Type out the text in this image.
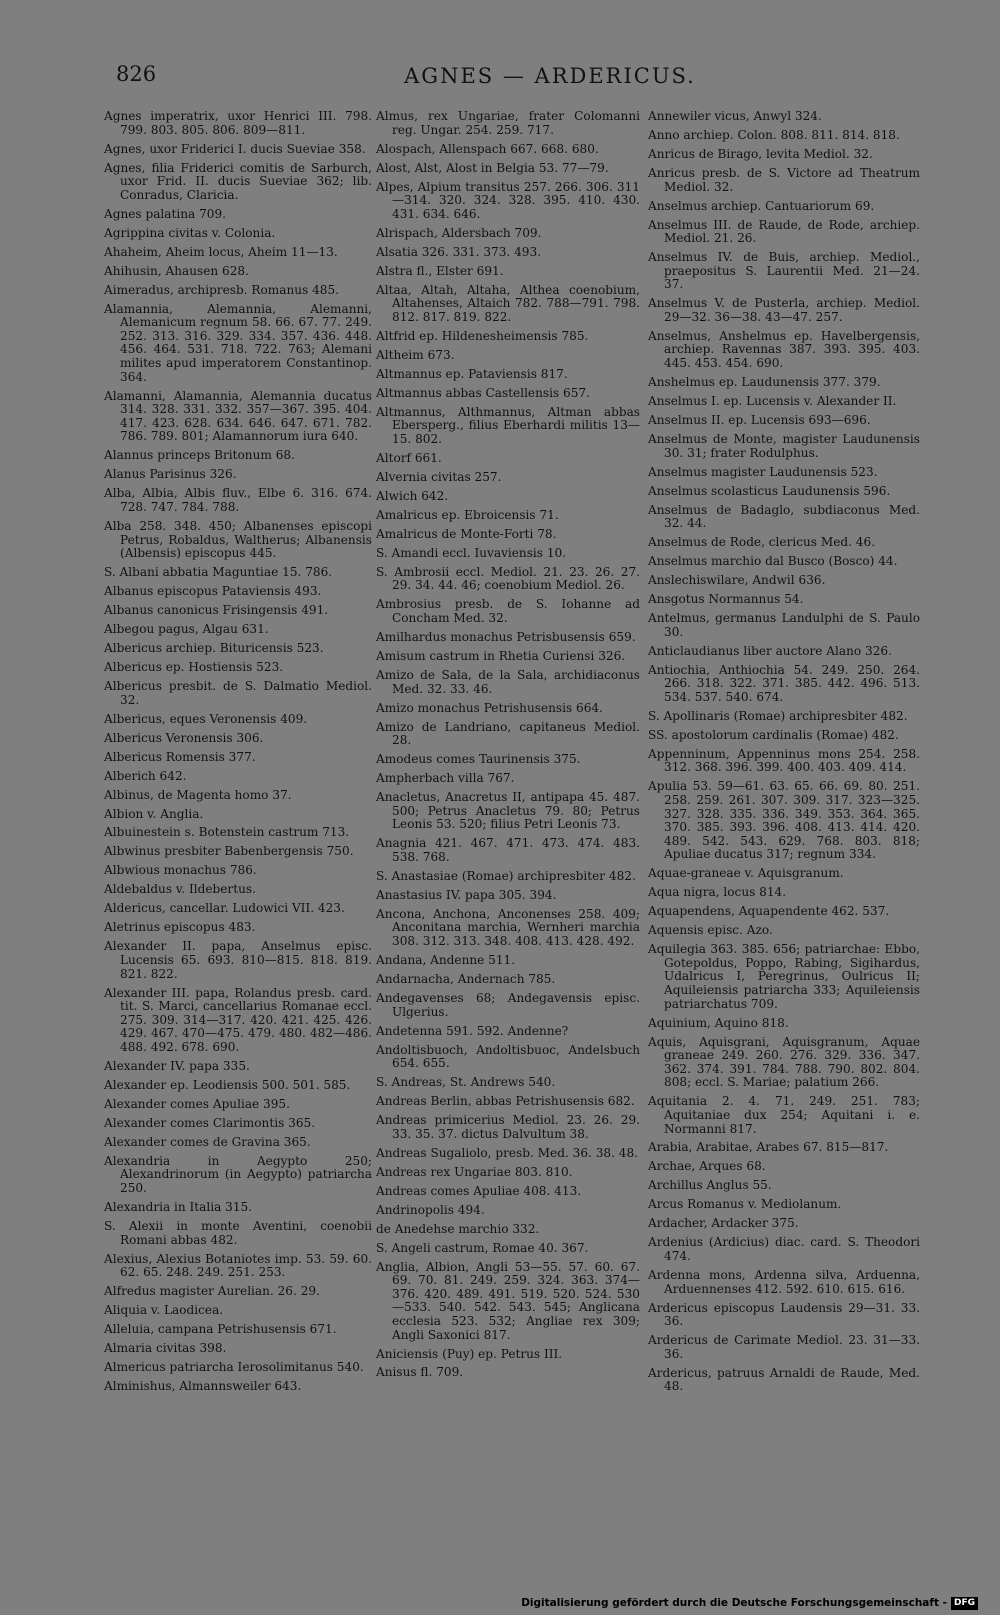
826	AGNES — ARDERICUS.

Agnes imperatrix, uxor Henrici III. 798. 799. 803. 805. 806. 809—811.

Agnes, uxor Friderici I. ducis Sueviae 358.

Agnes, filia Friderici comitis de Sarburch, uxor Frid. II. ducis Sueviae 362; lib. Conradus, Claricia.

Agnes palatina 709.

Agrippina civitas v. Colonia.

Ahaheim, Aheim locus, Aheim 11—13.

Ahihusin, Ahausen 628.

Aimeradus, archipresb. Romanus 485.

Alamannia, Alemannia, Alemanni, Alemanicum regnum 58. 66. 67. 77. 249. 252. 313. 316. 329. 334. 357. 436. 448. 456. 464. 531. 718. 722. 763; Alemani milites apud imperatorem Constantinop. 364.

Alamanni, Alamannia, Alemannia ducatus 314. 328. 331. 332. 357—367. 395. 404. 417. 423. 628. 634. 646. 647. 671. 782. 786. 789. 801; Alamannorum iura 640.

Alannus princeps Britonum 68.

Alanus Parisinus 326.

Alba, Albia, Albis fluv., Elbe 6. 316. 674. 728. 747. 784. 788.

Alba 258. 348. 450; Albanenses episcopi Petrus, Robaldus, Waltherus; Albanensis (Albensis) episcopus 445.

S. Albani abbatia Maguntiae 15. 786.

Albanus episcopus Pataviensis 493.

Albanus canonicus Frisingensis 491.

Albegou pagus, Algau 631.

Albericus archiep. Bituricensis 523.

Albericus ep. Hostiensis 523.

Albericus presbit. de S. Dalmatio Mediol. 32.

Albericus, eques Veronensis 409.

Albericus Veronensis 306.

Albericus Romensis 377.

Alberich 642.

Albinus, de Magenta homo 37.

Albion v. Anglia.

Albuinestein s. Botenstein castrum 713.

Albwinus presbiter Babenbergensis 750.

Albwious monachus 786.

Aldebaldus v. Ildebertus.

Aldericus, cancellar. Ludowici VII. 423.

Aletrinus episcopus 483.

Alexander II. papa, Anselmus episc. Lucensis 65. 693. 810—815. 818. 819. 821. 822.

Alexander III. papa, Rolandus presb. card. tit. S. Marci, cancellarius Romanae eccl. 275. 309. 314—317. 420. 421. 425. 426. 429. 467. 470—475. 479. 480. 482—486. 488. 492. 678. 690.

Alexander IV. papa 335.

Alexander ep. Leodiensis 500. 501. 585.

Alexander comes Apuliae 395.

Alexander comes Clarimontis 365.

Alexander comes de Gravina 365.

Alexandria in Aegypto 250; Alexandrinorum (in Aegypto) patriarcha 250.

Alexandria in Italia 315.

S. Alexii in monte Aventini, coenobii Romani abbas 482.

Alexius, Alexius Botaniotes imp. 53. 59. 60. 62. 65. 248. 249. 251. 253.

Alfredus magister Aurelian. 26. 29.

Aliquia v. Laodicea.

Alleluia, campana Petrishusensis 671.

Almaria civitas 398.

Almericus patriarcha Ierosolimitanus 540.

Alminishus, Almannsweiler 643.

Almus, rex Ungariae, frater Colomanni reg. Ungar. 254. 259. 717.

Alospach, Allenspach 667. 668. 680.

Alost, Alst, Alost in Belgia 53. 77—79.

Alpes, Alpium transitus 257. 266. 306. 311—314. 320. 324. 328. 395. 410. 430. 431. 634. 646.

Alrispach, Aldersbach 709.

Alsatia 326. 331. 373. 493.

Alstra fl., Elster 691.

Altaa, Altah, Altaha, Althea coenobium, Altahenses, Altaich 782. 788—791. 798. 812. 817. 819. 822.

Altfrid ep. Hildenesheimensis 785.

Altheim 673.

Altmannus ep. Pataviensis 817.

Altmannus abbas Castellensis 657.

Altmannus, Althmannus, Altman abbas Ebersperg., filius Eberhardi militis 13—15. 802.

Altorf 661.

Alvernia civitas 257.

Alwich 642.

Amalricus ep. Ebroicensis 71.

Amalricus de Monte-Forti 78.

S. Amandi eccl. Iuvaviensis 10.

S. Ambrosii eccl. Mediol. 21. 23. 26. 27. 29. 34. 44. 46; coenobium Mediol. 26.

Ambrosius presb. de S. Iohanne ad Concham Med. 32.

Amilhardus monachus Petrisbusensis 659.

Amisum castrum in Rhetia Curiensi 326.

Amizo de Sala, de la Sala, archidiaconus Med. 32. 33. 46.

Amizo monachus Petrishusensis 664.

Amizo de Landriano, capitaneus Mediol. 28.

Amodeus comes Taurinensis 375.

Ampherbach villa 767.

Anacletus, Anacretus II, antipapa 45. 487. 500; Petrus Anacletus 79. 80; Petrus Leonis 53. 520; filius Petri Leonis 73.

Anagnia 421. 467. 471. 473. 474. 483. 538. 768.

S. Anastasiae (Romae) archipresbiter 482.

Anastasius IV. papa 305. 394.

Ancona, Anchona, Anconenses 258. 409; Anconitana marchia, Wernheri marchia 308. 312. 313. 348. 408. 413. 428. 492.

Andana, Andenne 511.

Andarnacha, Andernach 785.

Andegavenses 68; Andegavensis episc. Ulgerius.

Andetenna 591. 592. Andenne?

Andoltisbuoch, Andoltisbuoc, Andelsbuch 654. 655.

S. Andreas, St. Andrews 540.

Andreas Berlin, abbas Petrishusensis 682.

Andreas primicerius Mediol. 23. 26. 29. 33. 35. 37. dictus Dalvultum 38.

Andreas Sugaliolo, presb. Med. 36. 38. 48.

Andreas rex Ungariae 803. 810.

Andreas comes Apuliae 408. 413.

Andrinopolis 494.

de Anedehse marchio 332.

S. Angeli castrum, Romae 40. 367.

Anglia, Albion, Angli 53—55. 57. 60. 67. 69. 70. 81. 249. 259. 324. 363. 374—376. 420. 489. 491. 519. 520. 524. 530—533. 540. 542. 543. 545; Anglicana ecclesia 523. 532; Angliae rex 309; Angli Saxonici 817.

Aniciensis (Puy) ep. Petrus III.

Anisus fl. 709.

Annewiler vicus, Anwyl 324.

Anno archiep. Colon. 808. 811. 814. 818.

Anricus de Birago, levita Mediol. 32.

Anricus presb. de S. Victore ad Theatrum Mediol. 32.

Anselmus archiep. Cantuariorum 69.

Anselmus III. de Raude, de Rode, archiep. Mediol. 21. 26.

Anselmus IV. de Buis, archiep. Mediol., praepositus S. Laurentii Med. 21—24. 37.

Anselmus V. de Pusterla, archiep. Mediol. 29—32. 36—38. 43—47. 257.

Anselmus, Anshelmus ep. Havelbergensis, archiep. Ravennas 387. 393. 395. 403. 445. 453. 454. 690.

Anshelmus ep. Laudunensis 377. 379.

Anselmus I. ep. Lucensis v. Alexander II.

Anselmus II. ep. Lucensis 693—696.

Anselmus de Monte, magister Laudunensis 30. 31; frater Rodulphus.

Anselmus magister Laudunensis 523.

Anselmus scolasticus Laudunensis 596.

Anselmus de Badaglo, subdiaconus Med. 32. 44.

Anselmus de Rode, clericus Med. 46.

Anselmus marchio dal Busco (Bosco) 44.

Anslechiswilare, Andwil 636.

Ansgotus Normannus 54.

Antelmus, germanus Landulphi de S. Paulo 30.

Anticlaudianus liber auctore Alano 326.

Antiochia, Anthiochia 54. 249. 250. 264. 266. 318. 322. 371. 385. 442. 496. 513. 534. 537. 540. 674.

S. Apollinaris (Romae) archipresbiter 482.

SS. apostolorum cardinalis (Romae) 482.

Appenninum, Appenninus mons 254. 258. 312. 368. 396. 399. 400. 403. 409. 414.

Apulia 53. 59—61. 63. 65. 66. 69. 80. 251. 258. 259. 261. 307. 309. 317. 323—325. 327. 328. 335. 336. 349. 353. 364. 365. 370. 385. 393. 396. 408. 413. 414. 420. 489. 542. 543. 629. 768. 803. 818; Apuliae ducatus 317; regnum 334.

Aquae-graneae v. Aquisgranum.

Aqua nigra, locus 814.

Aquapendens, Aquapendente 462. 537.

Aquensis episc. Azo.

Aquilegia 363. 385. 656; patriarchae: Ebbo, Gotepoldus, Poppo, Rabing, Sigihardus, Udalricus I, Peregrinus, Oulricus II; Aquileiensis patriarcha 333; Aquileiensis patriarchatus 709.

Aquinium, Aquino 818.

Aquis, Aquisgrani, Aquisgranum, Aquae graneae 249. 260. 276. 329. 336. 347. 362. 374. 391. 784. 788. 790. 802. 804. 808; eccl. S. Mariae; palatium 266.

Aquitania 2. 4. 71. 249. 251. 783; Aquitaniae dux 254; Aquitani i. e. Normanni 817.

Arabia, Arabitae, Arabes 67. 815—817.

Archae, Arques 68.

Archillus Anglus 55.

Arcus Romanus v. Mediolanum.

Ardacher, Ardacker 375.

Ardenius (Ardicius) diac. card. S. Theodori 474.

Ardenna mons, Ardenna silva, Arduenna, Arduennenses 412. 592. 610. 615. 616.

Ardericus episcopus Laudensis 29—31. 33. 36.

Ardericus de Carimate Mediol. 23. 31—33. 36.

Ardericus, patruus Arnaldi de Raude, Med. 48.

Digitalisierung gefördert durch die Deutsche Forschungsgemeinschaft - DFG
